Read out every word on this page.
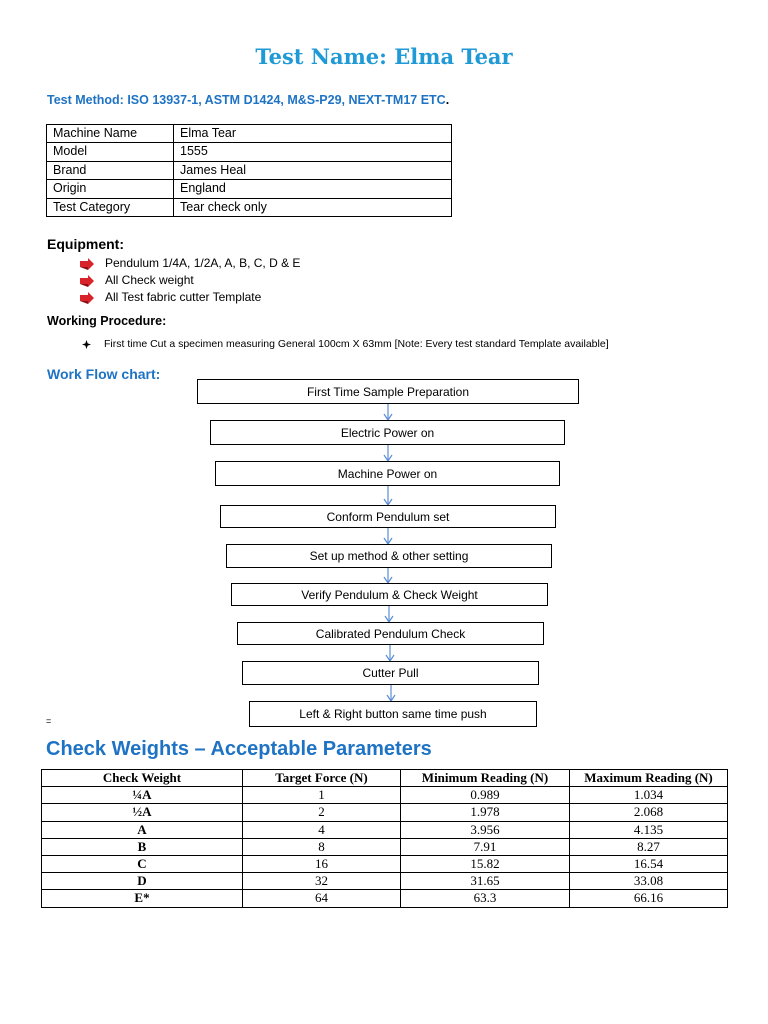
Test Name: Elma Tear
Test Method: ISO 13937-1, ASTM D1424, M&S-P29, NEXT-TM17 ETC.
Machine Name	Elma Tear
Model	1555
Brand	James Heal
Origin	England
Test Category	Tear check only
Equipment:
Pendulum 1/4A, 1/2A, A, B, C, D & E
All Check weight
All Test fabric cutter Template
Working Procedure:
First time Cut a specimen measuring General 100cm X 63mm [Note: Every test standard Template available]
Work Flow chart:
First Time Sample Preparation
Electric Power on
Machine Power on
Conform Pendulum set
Set up method & other setting
Verify Pendulum & Check Weight
Calibrated Pendulum Check
Cutter Pull
Left & Right button same time push
=
Check Weights – Acceptable Parameters
Check Weight	Target Force (N)	Minimum Reading (N)	Maximum Reading (N)
¼A	1	0.989	1.034
½A	2	1.978	2.068
A	4	3.956	4.135
B	8	7.91	8.27
C	16	15.82	16.54
D	32	31.65	33.08
E*	64	63.3	66.16
